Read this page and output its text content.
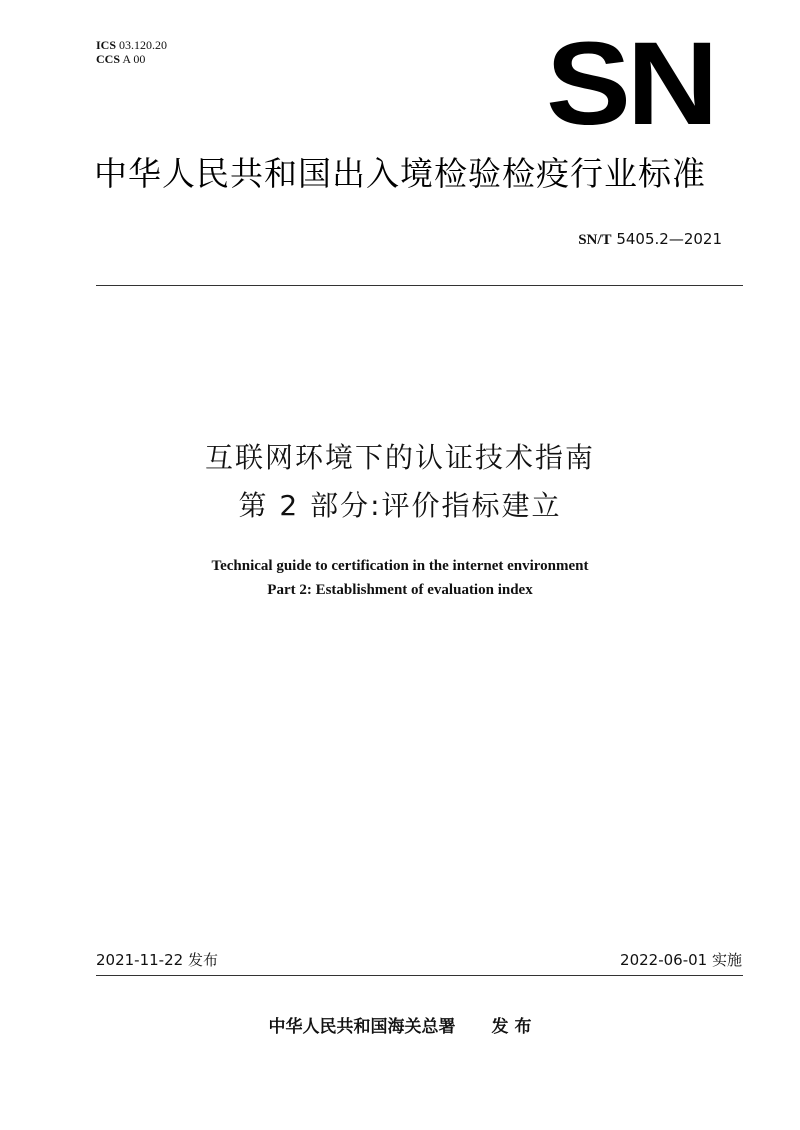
ICS 03.120.20
CCS A 00	SN
中华人民共和国出入境检验检疫行业标准
SN/T 5405.2—2021
互联网环境下的认证技术指南
第 2 部分:评价指标建立
Technical guide to certification in the internet environment
Part 2: Establishment of evaluation index
2021-11-22 发布	2022-06-01 实施
中华人民共和国海关总署 发 布
